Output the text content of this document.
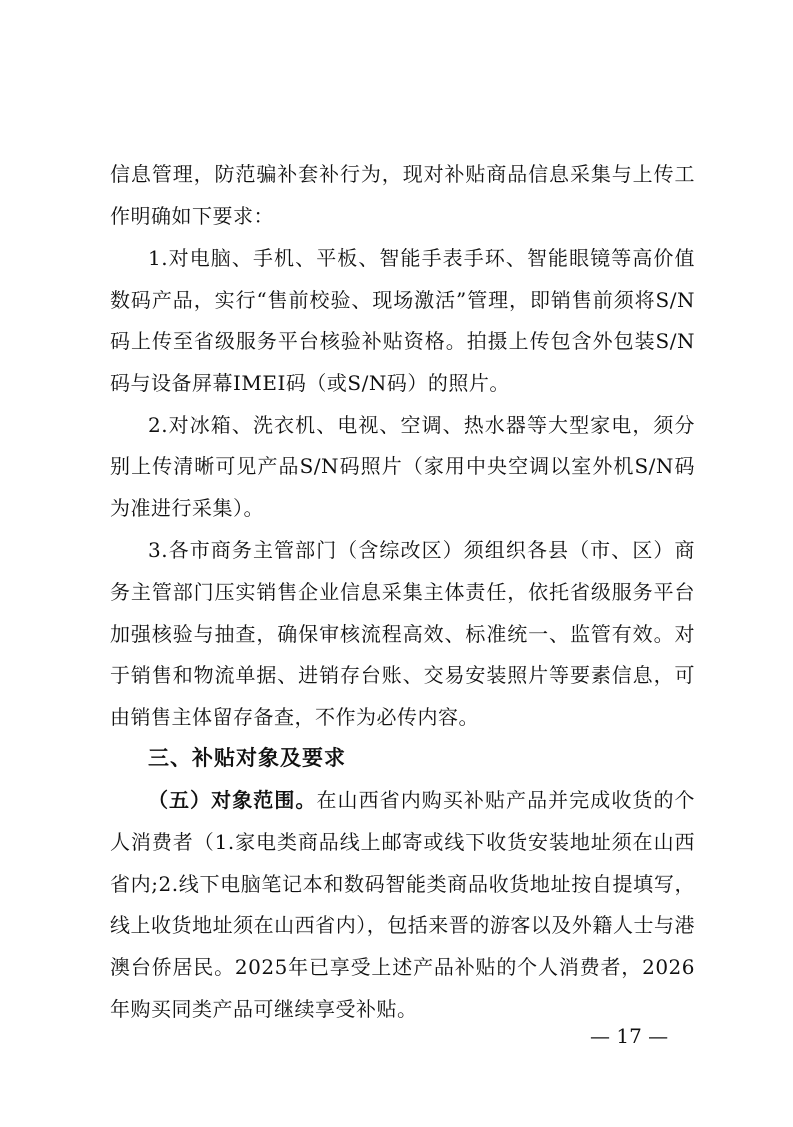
信息管理，防范骗补套补行为，现对补贴商品信息采集与上传工
作明确如下要求：
1.对电脑、手机、平板、智能手表手环、智能眼镜等高价值
数码产品，实行“售前校验、现场激活”管理，即销售前须将S/N
码上传至省级服务平台核验补贴资格。拍摄上传包含外包装S/N
码与设备屏幕IMEI码（或S/N码）的照片。
2.对冰箱、洗衣机、电视、空调、热水器等大型家电，须分
别上传清晰可见产品S/N码照片（家用中央空调以室外机S/N码
为准进行采集）。
3.各市商务主管部门（含综改区）须组织各县（市、区）商
务主管部门压实销售企业信息采集主体责任，依托省级服务平台
加强核验与抽查，确保审核流程高效、标准统一、监管有效。对
于销售和物流单据、进销存台账、交易安装照片等要素信息，可
由销售主体留存备查，不作为必传内容。
三、补贴对象及要求
（五）对象范围。在山西省内购买补贴产品并完成收货的个
人消费者（1.家电类商品线上邮寄或线下收货安装地址须在山西
省内;2.线下电脑笔记本和数码智能类商品收货地址按自提填写，
线上收货地址须在山西省内），包括来晋的游客以及外籍人士与港
澳台侨居民。2025年已享受上述产品补贴的个人消费者，2026
年购买同类产品可继续享受补贴。
— 17 —
